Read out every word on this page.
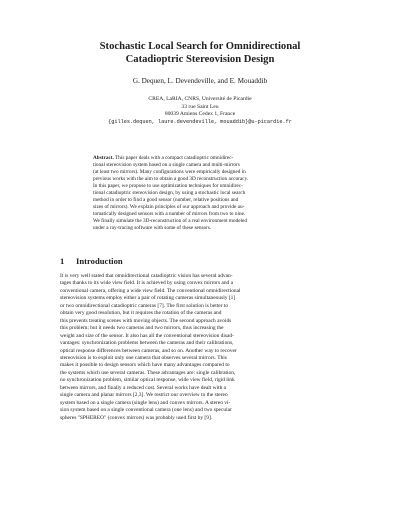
Stochastic Local Search for Omnidirectional
Catadioptric Stereovision Design
G. Dequen, L. Devendeville, and E. Mouaddib
CREA, LaRIA, CNRS, Université de Picardie
33 rue Saint Leu
80039 Amiens Cedex 1, France
{gilles.dequen, laure.devendeville, mouaddib}@u-picardie.fr
Abstract. This paper deals with a compact catadioptric omnidirec-
tional stereovision system based on a single camera and multi-mirrors
(at least two mirrors). Many configurations were empirically designed in
previous works with the aim to obtain a good 3D reconstruction accuracy.
In this paper, we propose to use optimization techniques for omnidirec-
tional catadioptric stereovision design, by using a stochastic local search
method in order to find a good sensor (number, relative positions and
sizes of mirrors). We explain principles of our approach and provide au-
tomatically designed sensors with a number of mirrors from two to nine.
We finally simulate the 3D-reconstruction of a real environment modeled
under a ray-tracing software with some of these sensors.
1 Introduction
It is very well stated that omnidirectional catadioptric vision has several advan-
tages thanks to its wide view field. It is achieved by using convex mirrors and a
conventional camera, offering a wide view field. The conventional omnidirectional
stereovision systems employ either a pair of rotating cameras simultaneously [1]
or two omnidirectional catadioptric cameras [7]. The first solution is better to
obtain very good resolution, but it requires the rotation of the cameras and
this prevents treating scenes with moving objects. The second approach avoids
this problem; but it needs two cameras and two mirrors, thus increasing the
weight and size of the sensor. It also has all the conventional stereovision disad-
vantages: synchronization problems between the cameras and their calibrations,
optical response differences between cameras, and so on. Another way to recover
stereovision is to exploit only one camera that observes several mirrors. This
makes it possible to design sensors which have many advantages compared to
the systems which use several cameras. These advantages are: single calibration,
no synchronization problem, similar optical response, wide view field, rigid link
between mirrors, and finally a reduced cost. Several works have dealt with a
single camera and planar mirrors [2,3]. We restrict our overview to the stereo
system based on a single camera (single lens) and convex mirrors. A stereo vi-
sion system based on a single conventional camera (one lens) and two specular
spheres "SPHEREO" (convex mirrors) was probably used first by [9].
